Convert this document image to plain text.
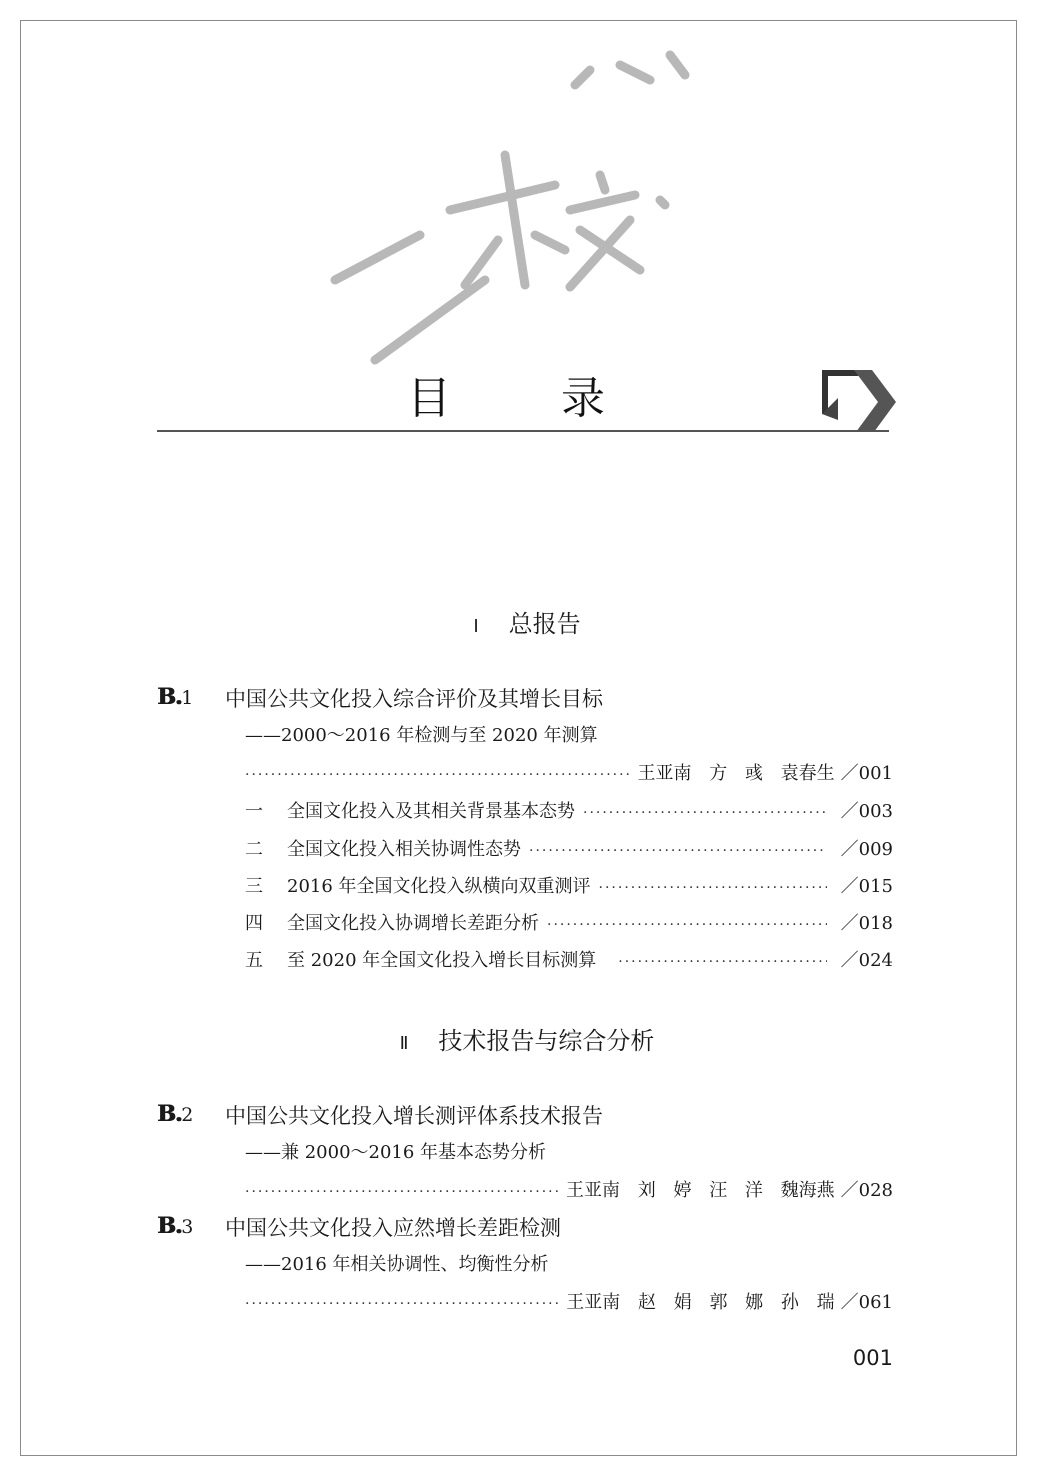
目 录
Ⅰ 总报告
B.1 中国公共文化投入综合评价及其增长目标
——2000～2016 年检测与至 2020 年测算
·····
王亚南 方 彧 袁春生 ／001
一	全国文化投入及其相关背景基本态势 ·····	／003
二	全国文化投入相关协调性态势 ·····	／009
三	2016 年全国文化投入纵横向双重测评 ·····	／015
四	全国文化投入协调增长差距分析 ·····	／018
五	至 2020 年全国文化投入增长目标测算 ·····	／024
Ⅱ 技术报告与综合分析
B.2 中国公共文化投入增长测评体系技术报告
——兼 2000～2016 年基本态势分析
·····
王亚南 刘 婷 汪 洋 魏海燕 ／028
B.3 中国公共文化投入应然增长差距检测
——2016 年相关协调性、均衡性分析
·····
王亚南 赵 娟 郭 娜 孙 瑞 ／061
001
